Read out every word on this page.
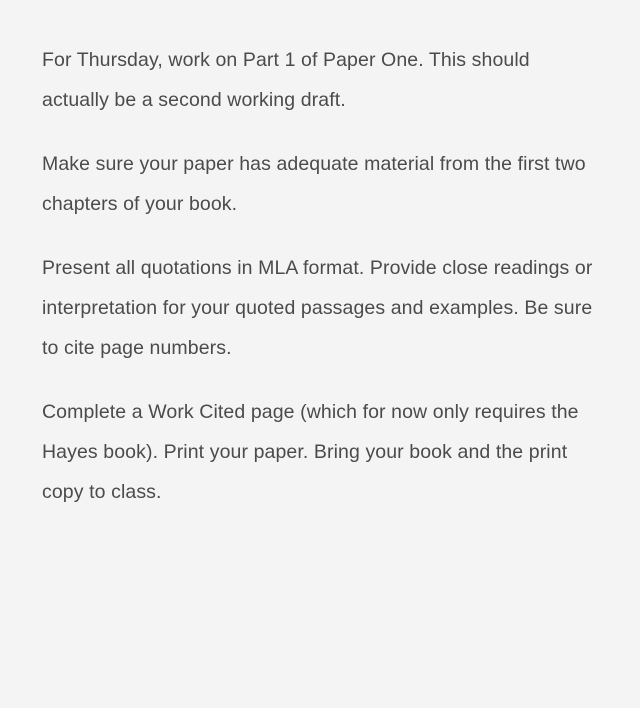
For Thursday, work on Part 1 of Paper One. This should actually be a second working draft.

Make sure your paper has adequate material from the first two chapters of your book.

Present all quotations in MLA format. Provide close readings or interpretation for your quoted passages and examples. Be sure to cite page numbers.

Complete a Work Cited page (which for now only requires the Hayes book). Print your paper. Bring your book and the print copy to class.
